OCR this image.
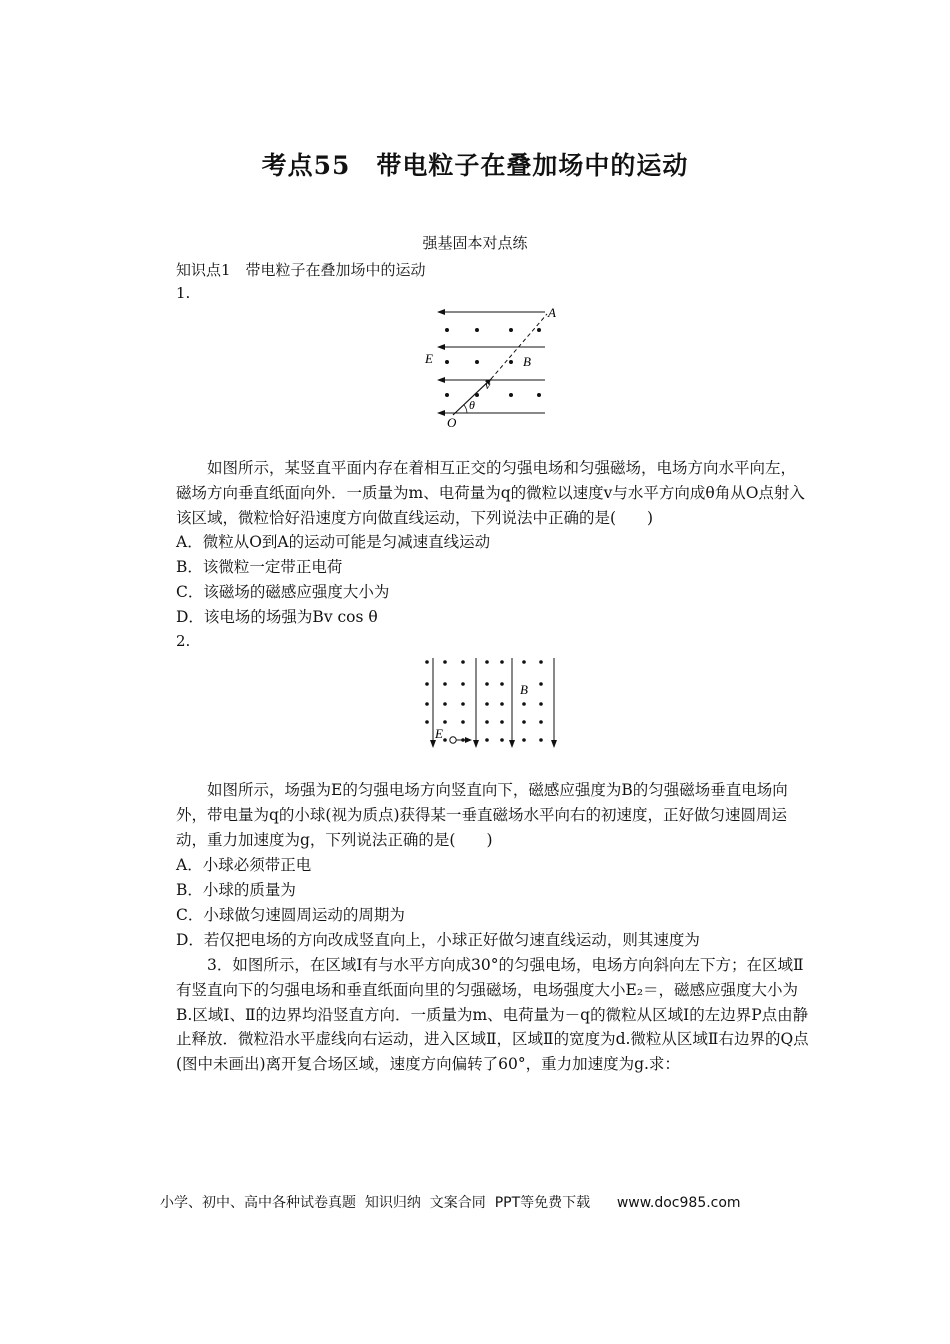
考点55　带电粒子在叠加场中的运动
强基固本对点练
知识点1　带电粒子在叠加场中的运动
1.
A
E	B
v
θ
O
如图所示，某竖直平面内存在着相互正交的匀强电场和匀强磁场，电场方向水平向左，磁场方向垂直纸面向外．一质量为m、电荷量为q的微粒以速度v与水平方向成θ角从O点射入该区域，微粒恰好沿速度方向做直线运动，下列说法中正确的是(　　)
A．微粒从O到A的运动可能是匀减速直线运动
B．该微粒一定带正电荷
C．该磁场的磁感应强度大小为
D．该电场的场强为Bv cos θ
2.
B
E
如图所示，场强为E的匀强电场方向竖直向下，磁感应强度为B的匀强磁场垂直电场向外，带电量为q的小球(视为质点)获得某一垂直磁场水平向右的初速度，正好做匀速圆周运动，重力加速度为g，下列说法正确的是(　　)
A．小球必须带正电
B．小球的质量为
C．小球做匀速圆周运动的周期为
D．若仅把电场的方向改成竖直向上，小球正好做匀速直线运动，则其速度为
3．如图所示，在区域Ⅰ有与水平方向成30°的匀强电场，电场方向斜向左下方；在区域Ⅱ有竖直向下的匀强电场和垂直纸面向里的匀强磁场，电场强度大小E₂＝，磁感应强度大小为B.区域Ⅰ、Ⅱ的边界均沿竖直方向．一质量为m、电荷量为－q的微粒从区域Ⅰ的左边界P点由静止释放．微粒沿水平虚线向右运动，进入区域Ⅱ，区域Ⅱ的宽度为d.微粒从区域Ⅱ右边界的Q点(图中未画出)离开复合场区域，速度方向偏转了60°，重力加速度为g.求：
小学、初中、高中各种试卷真题  知识归纳  文案合同  PPT等免费下载      www.doc985.com
